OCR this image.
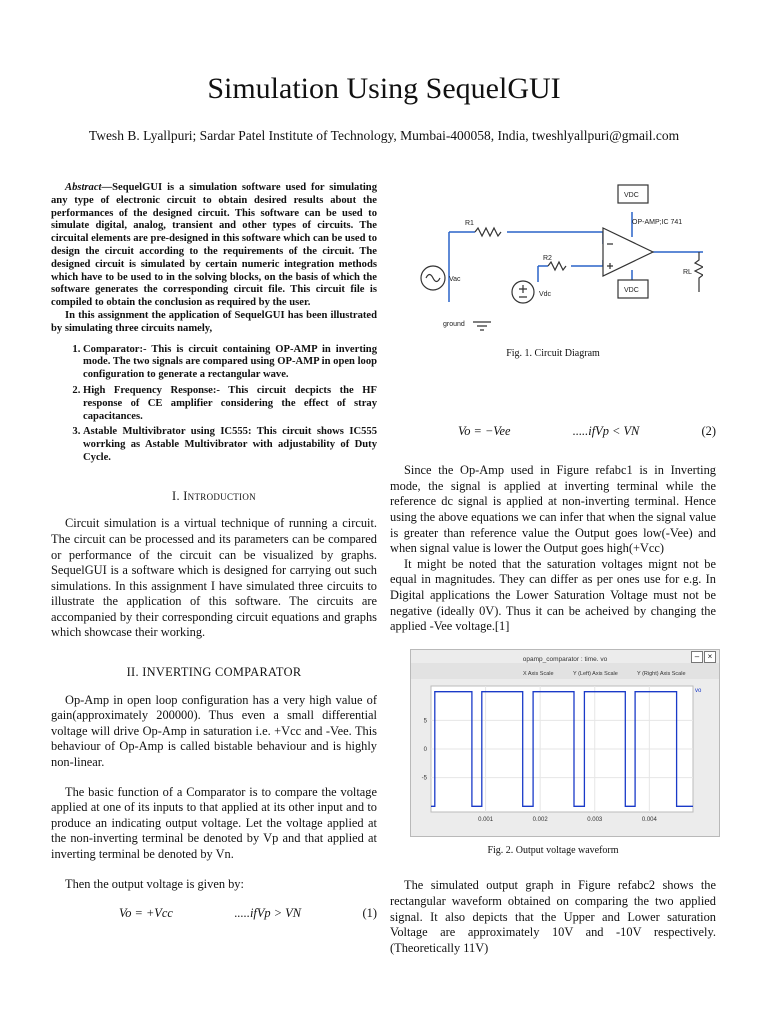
Simulation Using SequelGUI
Twesh B. Lyallpuri; Sardar Patel Institute of Technology, Mumbai-400058, India, tweshlyallpuri@gmail.com

Abstract—SequelGUI is a simulation software used for simulating any type of electronic circuit to obtain desired results about the performances of the designed circuit. This software can be used to simulate digital, analog, transient and other types of circuits. The circuital elements are pre-designed in this software which can be used to design the circuit according to the requirements of the circuit. The designed circuit is simulated by certain numeric integration methods which have to be used to in the solving blocks, on the basis of which the software generates the corresponding circuit file. This circuit file is compiled to obtain the conclusion as required by the user.

In this assignment the application of SequelGUI has been illustrated by simulating three circuits namely,

1. Comparator:- This is circuit containing OP-AMP in inverting mode. The two signals are compared using OP-AMP in open loop configuration to generate a rectangular wave.
2. High Frequency Response:- This circuit decpicts the HF response of CE amplifier considering the effect of stray capacitances.
3. Astable Multivibrator using IC555: This circuit shows IC555 worrking as Astable Multivibrator with adjustability of Duty Cycle.
I. Introduction

Circuit simulation is a virtual technique of running a circuit. The circuit can be processed and its parameters can be compared or performance of the circuit can be visualized by graphs. SequelGUI is a software which is designed for carrying out such simulations. In this assignment I have simulated three circuits to illustrate the application of this software. The circuits are accompanied by their corresponding circuit equations and graphs which showcase their working.

II. INVERTING COMPARATOR

Op-Amp in open loop configuration has a very high value of gain(approximately 200000). Thus even a small differential voltage will drive Op-Amp in saturation i.e. +Vcc and -Vee. This behaviour of Op-Amp is called bistable behaviour and is highly non-linear.

The basic function of a Comparator is to compare the voltage applied at one of its inputs to that applied at its other input and to produce an indicating output voltage. Let the voltage applied at the non-inverting terminal be denoted by Vp and that applied at inverting terminal be denoted by Vn.

Then the output voltage is given by:

Vo = +Vcc	.....ifVp > VN	(1)
VDC
OP-AMP;IC 741
R1
R2
RL
Vac
Vdc
VDC
ground
Fig. 1. Circuit Diagram
Vo = −Vee	.....ifVp < VN	(2)

Since the Op-Amp used in Figure refabc1 is in Inverting mode, the signal is applied at inverting terminal while the reference dc signal is applied at non-inverting terminal. Hence using the above equations we can infer that when the signal value is greater than reference value the Output goes low(-Vee) and when signal value is lower the Output goes high(+Vcc)

It might be noted that the saturation voltages mignt not be equal in magnitudes. They can differ as per ones use for e.g. In Digital applications the Lower Saturation Voltage must not be negative (ideally 0V). Thus it can be acheived by changing the applied -Vee voltage.[1]

opamp_comparator : time. vo	–	×
X Axis Scale	Y (Left) Axis Scale	Y (Right) Axis Scale
0.001	0.002	0.003	0.004
5
0
-5
vo
Fig. 2. Output voltage waveform

The simulated output graph in Figure refabc2 shows the rectangular waveform obtained on comparing the two applied signal. It also depicts that the Upper and Lower saturation Voltage are approximately 10V and -10V respectively. (Theoretically 11V)
